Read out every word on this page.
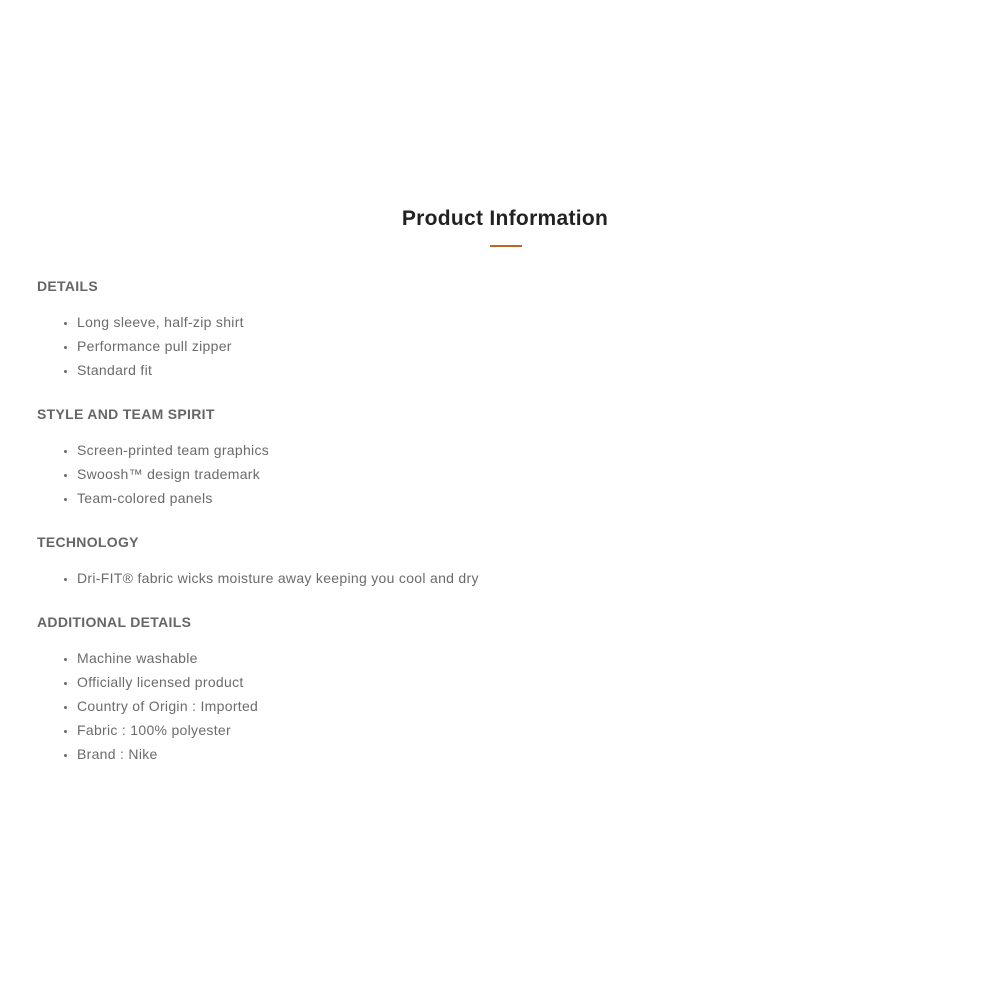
Product Information
DETAILS
• Long sleeve, half-zip shirt
• Performance pull zipper
• Standard fit
STYLE AND TEAM SPIRIT
• Screen-printed team graphics
• Swoosh™ design trademark
• Team-colored panels
TECHNOLOGY
• Dri-FIT® fabric wicks moisture away keeping you cool and dry
ADDITIONAL DETAILS
• Machine washable
• Officially licensed product
• Country of Origin : Imported
• Fabric : 100% polyester
• Brand : Nike
